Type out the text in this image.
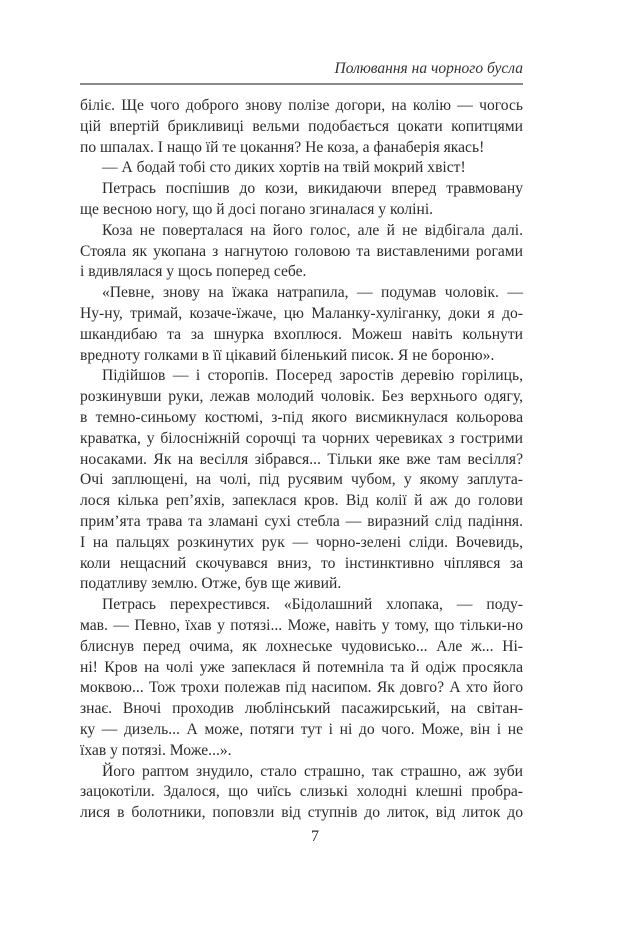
Полювання на чорного бусла
біліє. Ще чого доброго знову полізе догори, на колію — чогось
цій впертій брикливиці вельми подобається цокати копитцями
по шпалах. І нащо їй те цокання? Не коза, а фанаберія якась!
— А бодай тобі сто диких хортів на твій мокрий хвіст!
Петрась поспішив до кози, викидаючи вперед травмовану
ще весною ногу, що й досі погано згиналася у коліні.
Коза не поверталася на його голос, але й не відбігала далі.
Стояла як укопана з нагнутою головою та виставленими рогами
і вдивлялася у щось поперед себе.
«Певне, знову на їжака натрапила, — подумав чоловік. —
Ну-ну, тримай, козаче-їжаче, цю Маланку-хуліганку, доки я до-
шкандибаю та за шнурка вхоплюся. Можеш навіть кольнути
вредноту голками в її цікавий біленький писок. Я не бороню».
Підійшов — і сторопів. Посеред заростів деревію горілиць,
розкинувши руки, лежав молодий чоловік. Без верхнього одягу,
в темно-синьому костюмі, з-під якого висмикнулася кольорова
краватка, у білосніжній сорочці та чорних черевиках з гострими
носаками. Як на весілля зібрався... Тільки яке вже там весілля?
Очі заплющені, на чолі, під русявим чубом, у якому заплута-
лося кілька реп’яхів, запеклася кров. Від колії й аж до голови
прим’ята трава та зламані сухі стебла — виразний слід падіння.
І на пальцях розкинутих рук — чорно-зелені сліди. Вочевидь,
коли нещасний скочувався вниз, то інстинктивно чіплявся за
податливу землю. Отже, був ще живий.
Петрась перехрестився. «Бідолашний хлопака, — поду-
мав. — Певно, їхав у потязі... Може, навіть у тому, що тільки-но
блиснув перед очима, як лохнеське чудовисько... Але ж... Ні-
ні! Кров на чолі уже запеклася й потемніла та й одіж просякла
моквою... Тож трохи полежав під насипом. Як довго? А хто його
знає. Вночі проходив люблінський пасажирський, на світан-
ку — дизель... А може, потяги тут і ні до чого. Може, він і не
їхав у потязі. Може...».
Його раптом знудило, стало страшно, так страшно, аж зуби
зацокотіли. Здалося, що чиїсь слизькі холодні клешні пробра-
лися в болотники, поповзли від ступнів до литок, від литок до
7
